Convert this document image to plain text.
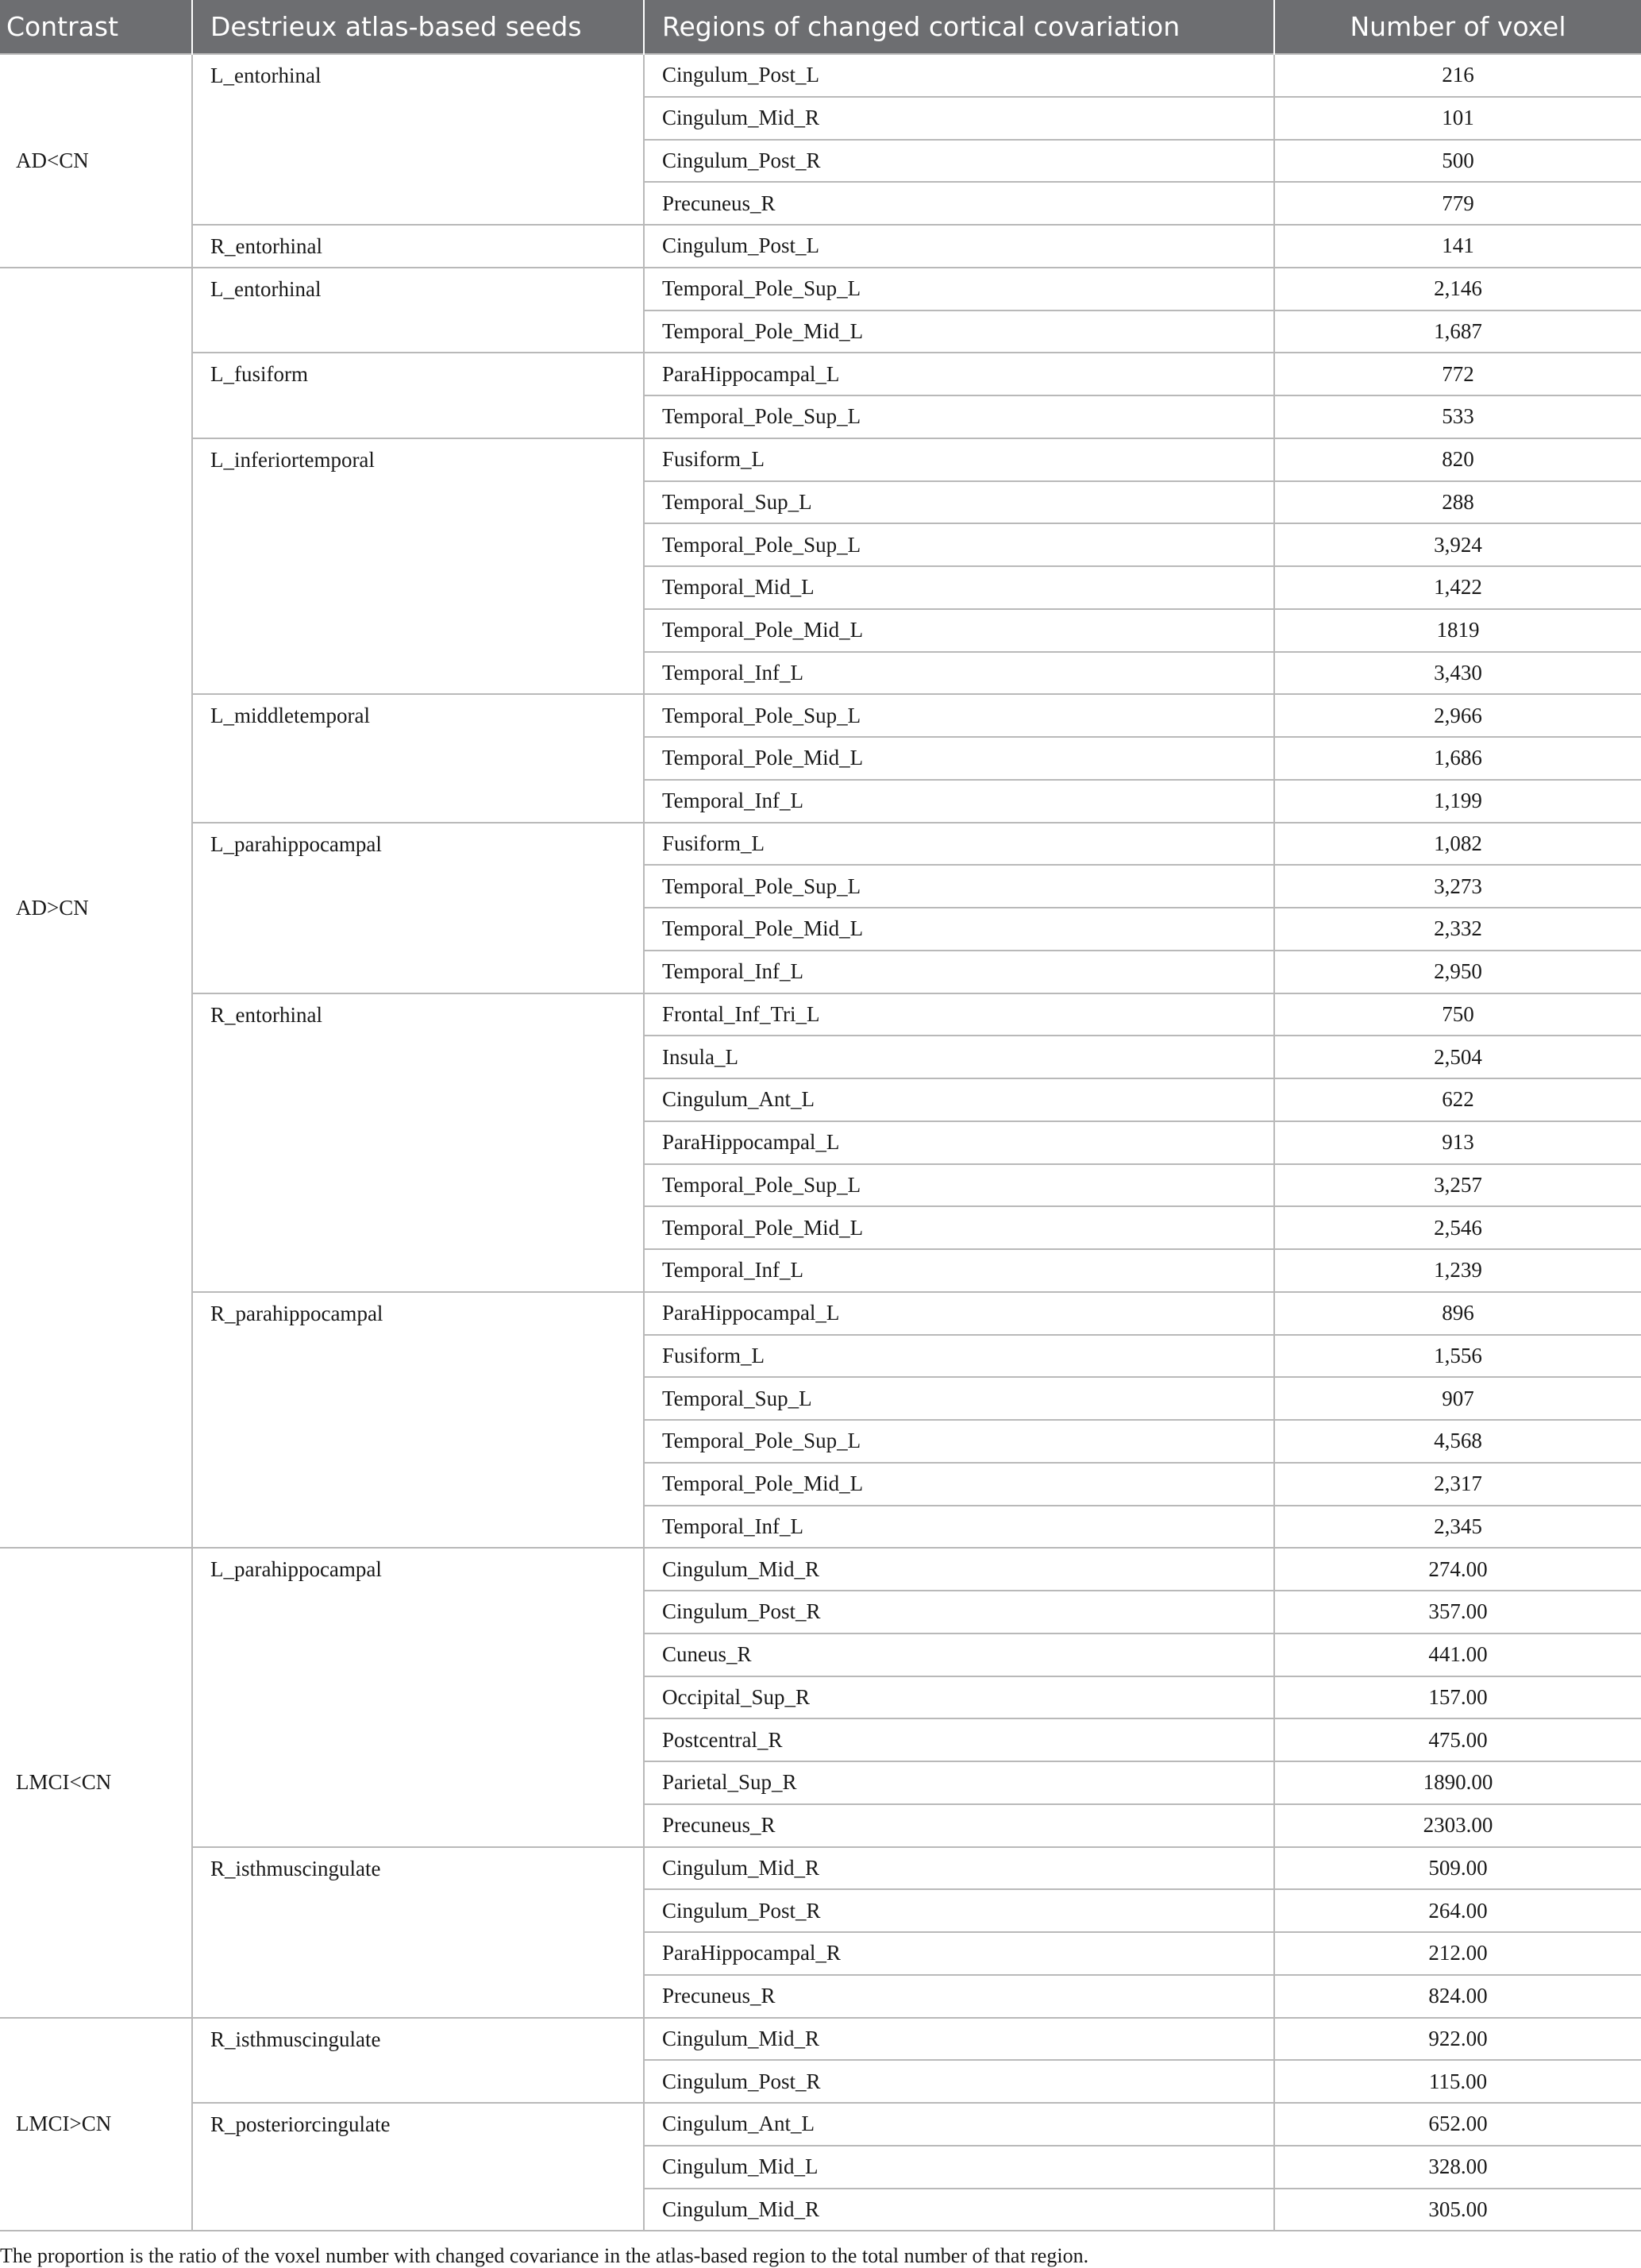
Contrast	Destrieux atlas-based seeds	Regions of changed cortical covariation	Number of voxel
AD<CN	L_entorhinal	Cingulum_Post_L	216
		Cingulum_Mid_R	101
		Cingulum_Post_R	500
		Precuneus_R	779
	R_entorhinal	Cingulum_Post_L	141
AD>CN	L_entorhinal	Temporal_Pole_Sup_L	2,146
		Temporal_Pole_Mid_L	1,687
	L_fusiform	ParaHippocampal_L	772
		Temporal_Pole_Sup_L	533
	L_inferiortemporal	Fusiform_L	820
		Temporal_Sup_L	288
		Temporal_Pole_Sup_L	3,924
		Temporal_Mid_L	1,422
		Temporal_Pole_Mid_L	1819
		Temporal_Inf_L	3,430
	L_middletemporal	Temporal_Pole_Sup_L	2,966
		Temporal_Pole_Mid_L	1,686
		Temporal_Inf_L	1,199
	L_parahippocampal	Fusiform_L	1,082
		Temporal_Pole_Sup_L	3,273
		Temporal_Pole_Mid_L	2,332
		Temporal_Inf_L	2,950
	R_entorhinal	Frontal_Inf_Tri_L	750
		Insula_L	2,504
		Cingulum_Ant_L	622
		ParaHippocampal_L	913
		Temporal_Pole_Sup_L	3,257
		Temporal_Pole_Mid_L	2,546
		Temporal_Inf_L	1,239
	R_parahippocampal	ParaHippocampal_L	896
		Fusiform_L	1,556
		Temporal_Sup_L	907
		Temporal_Pole_Sup_L	4,568
		Temporal_Pole_Mid_L	2,317
		Temporal_Inf_L	2,345
LMCI<CN	L_parahippocampal	Cingulum_Mid_R	274.00
		Cingulum_Post_R	357.00
		Cuneus_R	441.00
		Occipital_Sup_R	157.00
		Postcentral_R	475.00
		Parietal_Sup_R	1890.00
		Precuneus_R	2303.00
	R_isthmuscingulate	Cingulum_Mid_R	509.00
		Cingulum_Post_R	264.00
		ParaHippocampal_R	212.00
		Precuneus_R	824.00
LMCI>CN	R_isthmuscingulate	Cingulum_Mid_R	922.00
		Cingulum_Post_R	115.00
	R_posteriorcingulate	Cingulum_Ant_L	652.00
		Cingulum_Mid_L	328.00
		Cingulum_Mid_R	305.00

The proportion is the ratio of the voxel number with changed covariance in the atlas-based region to the total number of that region.
